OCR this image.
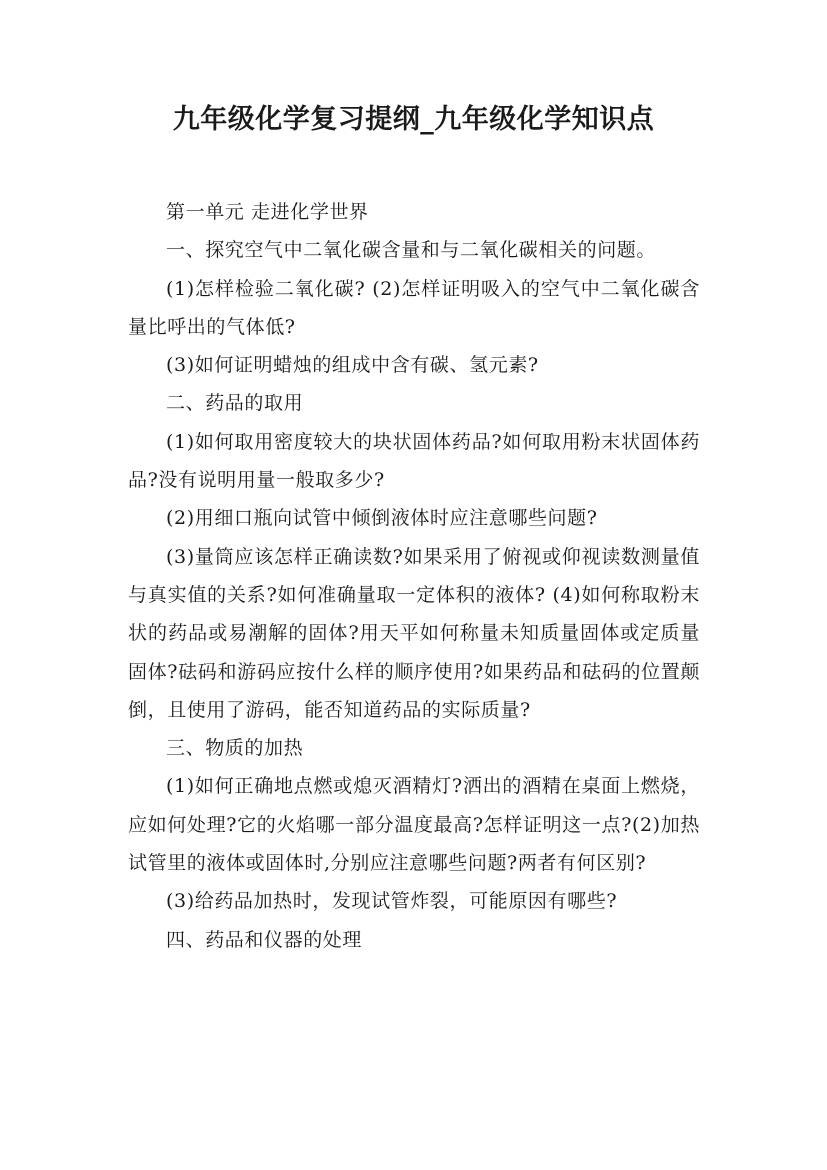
九年级化学复习提纲_九年级化学知识点

第一单元 走进化学世界

一、探究空气中二氧化碳含量和与二氧化碳相关的问题。

(1)怎样检验二氧化碳? (2)怎样证明吸入的空气中二氧化碳含量比呼出的气体低?

(3)如何证明蜡烛的组成中含有碳、氢元素?

二、药品的取用

(1)如何取用密度较大的块状固体药品?如何取用粉末状固体药品?没有说明用量一般取多少?

(2)用细口瓶向试管中倾倒液体时应注意哪些问题?

(3)量筒应该怎样正确读数?如果采用了俯视或仰视读数测量值与真实值的关系?如何准确量取一定体积的液体? (4)如何称取粉末状的药品或易潮解的固体?用天平如何称量未知质量固体或定质量固体?砝码和游码应按什么样的顺序使用?如果药品和砝码的位置颠倒，且使用了游码，能否知道药品的实际质量?

三、物质的加热

(1)如何正确地点燃或熄灭酒精灯?洒出的酒精在桌面上燃烧，应如何处理?它的火焰哪一部分温度最高?怎样证明这一点?(2)加热试管里的液体或固体时,分别应注意哪些问题?两者有何区别?

(3)给药品加热时，发现试管炸裂，可能原因有哪些?

四、药品和仪器的处理
